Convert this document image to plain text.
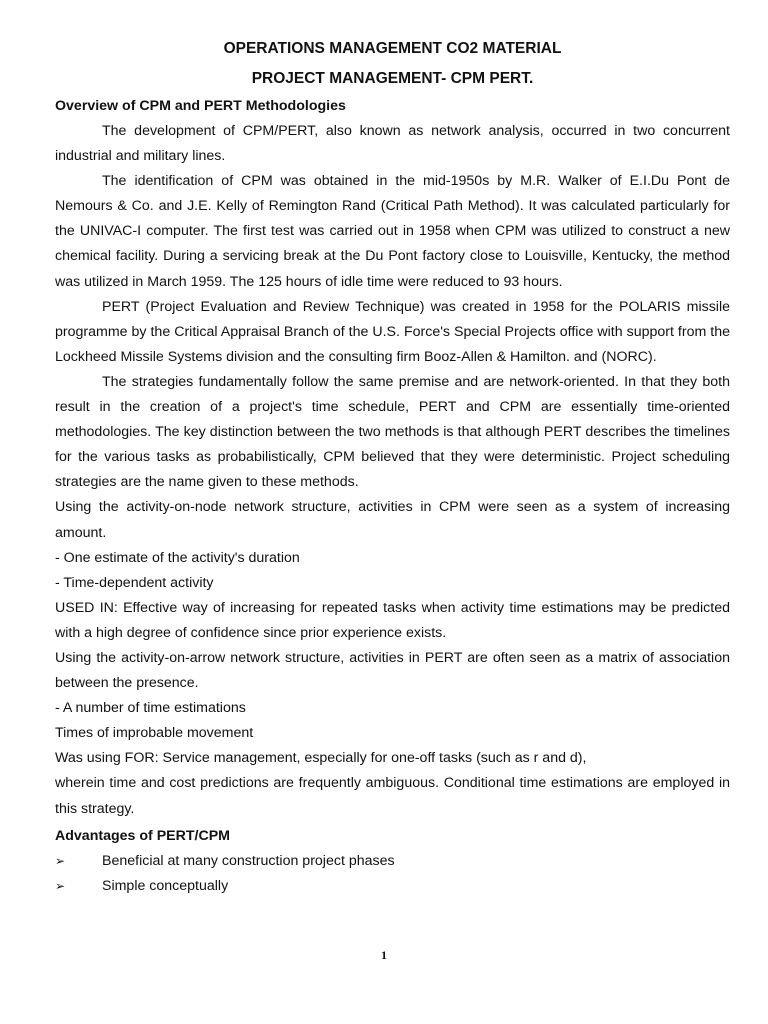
OPERATIONS MANAGEMENT CO2 MATERIAL

PROJECT MANAGEMENT- CPM PERT.

Overview of CPM and PERT Methodologies

The development of CPM/PERT, also known as network analysis, occurred in two concurrent industrial and military lines.

The identification of CPM was obtained in the mid-1950s by M.R. Walker of E.I.Du Pont de Nemours & Co. and J.E. Kelly of Remington Rand (Critical Path Method). It was calculated particularly for the UNIVAC-I computer. The first test was carried out in 1958 when CPM was utilized to construct a new chemical facility. During a servicing break at the Du Pont factory close to Louisville, Kentucky, the method was utilized in March 1959. The 125 hours of idle time were reduced to 93 hours.

PERT (Project Evaluation and Review Technique) was created in 1958 for the POLARIS missile programme by the Critical Appraisal Branch of the U.S. Force's Special Projects office with support from the Lockheed Missile Systems division and the consulting firm Booz-Allen & Hamilton. and (NORC).

The strategies fundamentally follow the same premise and are network-oriented. In that they both result in the creation of a project's time schedule, PERT and CPM are essentially time-oriented methodologies. The key distinction between the two methods is that although PERT describes the timelines for the various tasks as probabilistically, CPM believed that they were deterministic. Project scheduling strategies are the name given to these methods.

Using the activity-on-node network structure, activities in CPM were seen as a system of increasing amount.

- One estimate of the activity's duration

- Time-dependent activity

USED IN: Effective way of increasing for repeated tasks when activity time estimations may be predicted with a high degree of confidence since prior experience exists.

Using the activity-on-arrow network structure, activities in PERT are often seen as a matrix of association between the presence.

- A number of time estimations

Times of improbable movement

Was using FOR: Service management, especially for one-off tasks (such as r and d),

wherein time and cost predictions are frequently ambiguous. Conditional time estimations are employed in this strategy.

Advantages of PERT/CPM

➢	Beneficial at many construction project phases
➢	Simple conceptually
1
